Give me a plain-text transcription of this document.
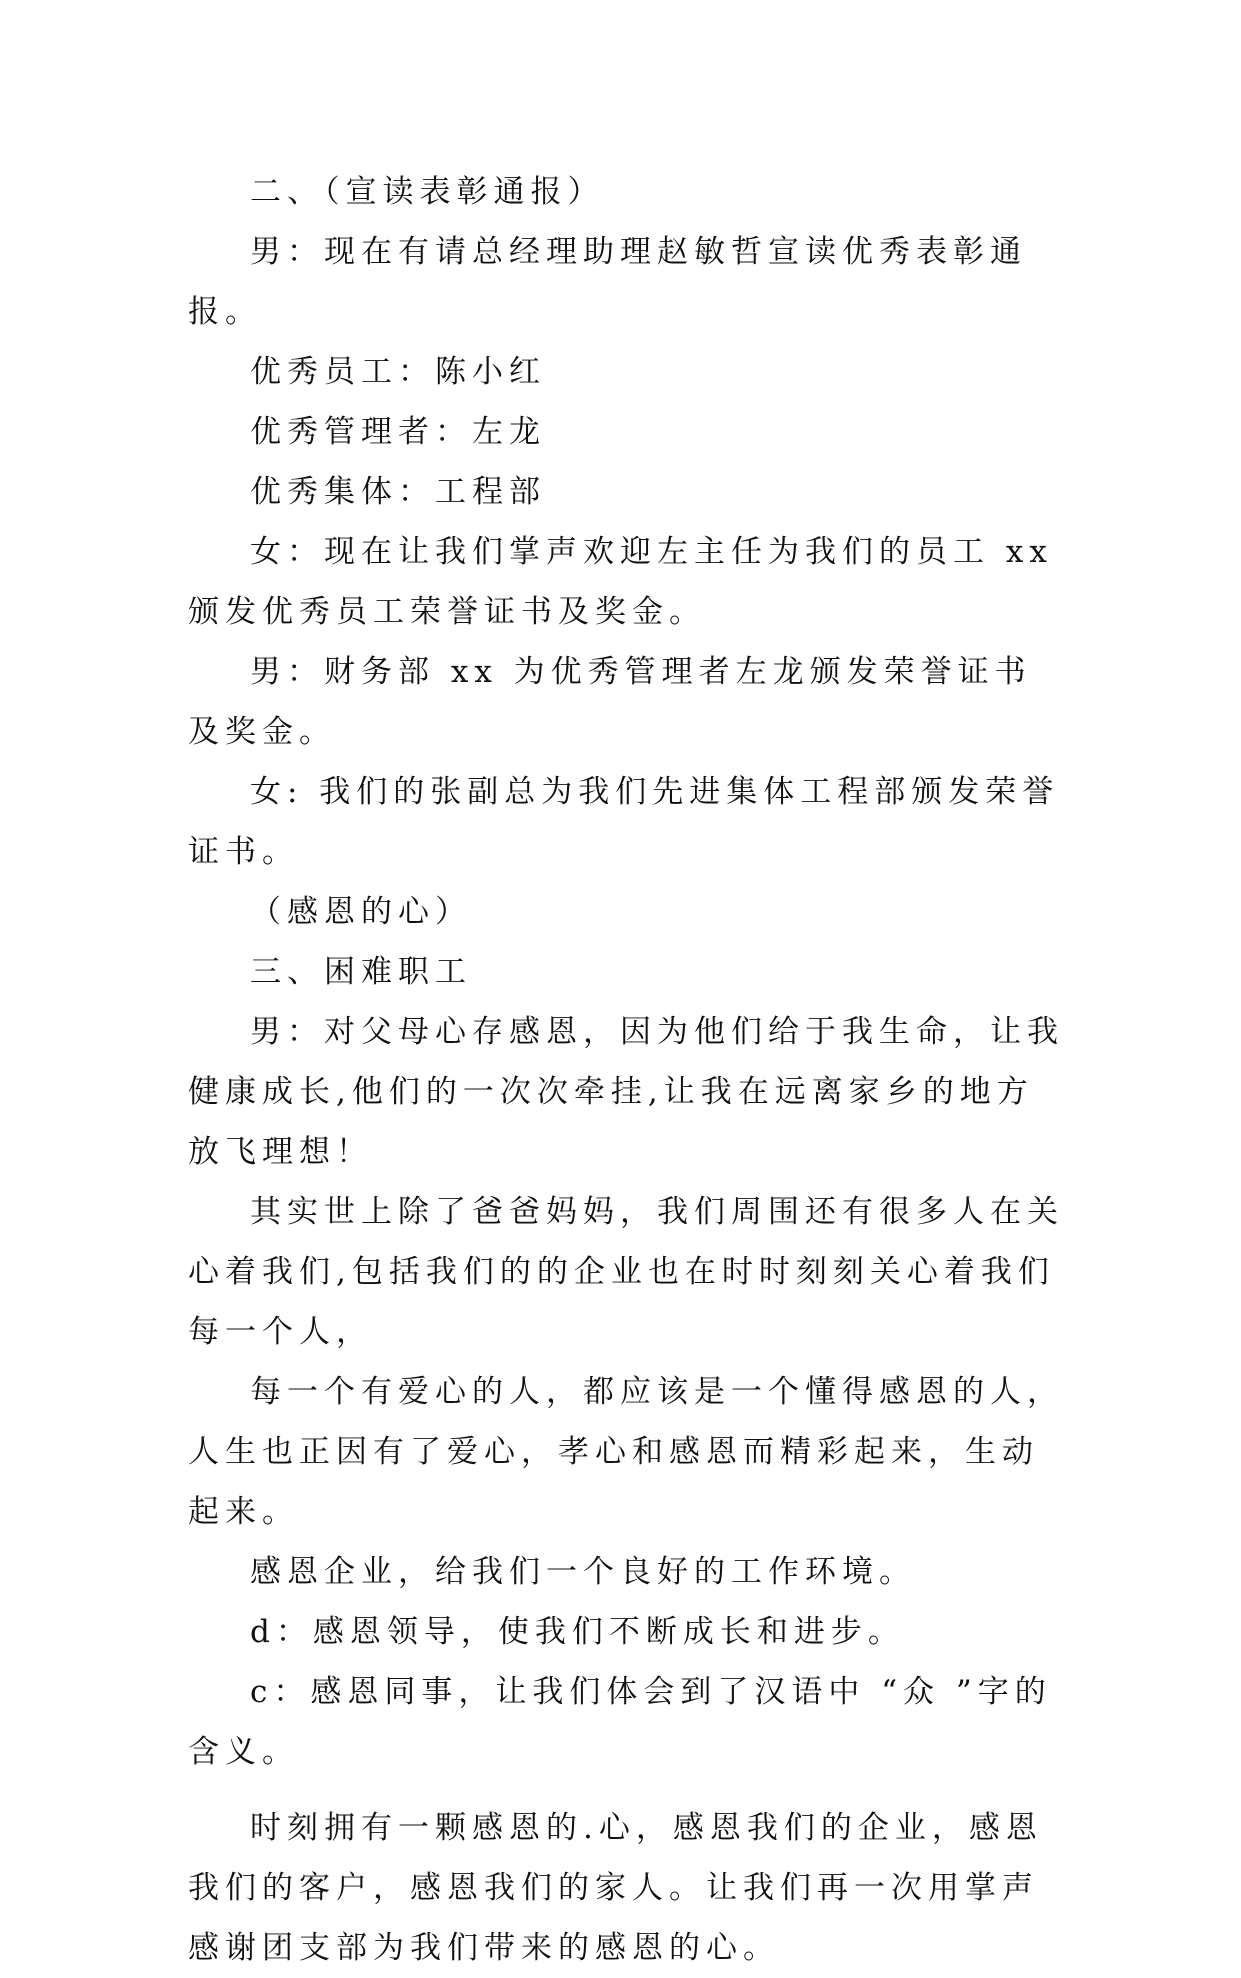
二、（宣读表彰通报）

男：现在有请总经理助理赵敏哲宣读优秀表彰通报。

优秀员工：陈小红

优秀管理者：左龙

优秀集体：工程部

女：现在让我们掌声欢迎左主任为我们的员工 xx 颁发优秀员工荣誉证书及奖金。

男：财务部 xx 为优秀管理者左龙颁发荣誉证书及奖金。

女: 我们的张副总为我们先进集体工程部颁发荣誉证书。

（感恩的心）

三、困难职工

男：对父母心存感恩，因为他们给于我生命，让我健康成长,他们的一次次牵挂,让我在远离家乡的地方放飞理想！

其实世上除了爸爸妈妈，我们周围还有很多人在关心着我们,包括我们的的企业也在时时刻刻关心着我们每一个人，

每一个有爱心的人，都应该是一个懂得感恩的人，人生也正因有了爱心，孝心和感恩而精彩起来，生动起来。

感恩企业，给我们一个良好的工作环境。

d：感恩领导，使我们不断成长和进步。

c：感恩同事，让我们体会到了汉语中 “众 ”字的含义。

时刻拥有一颗感恩的.心，感恩我们的企业，感恩我们的客户，感恩我们的家人。让我们再一次用掌声感谢团支部为我们带来的感恩的心。
